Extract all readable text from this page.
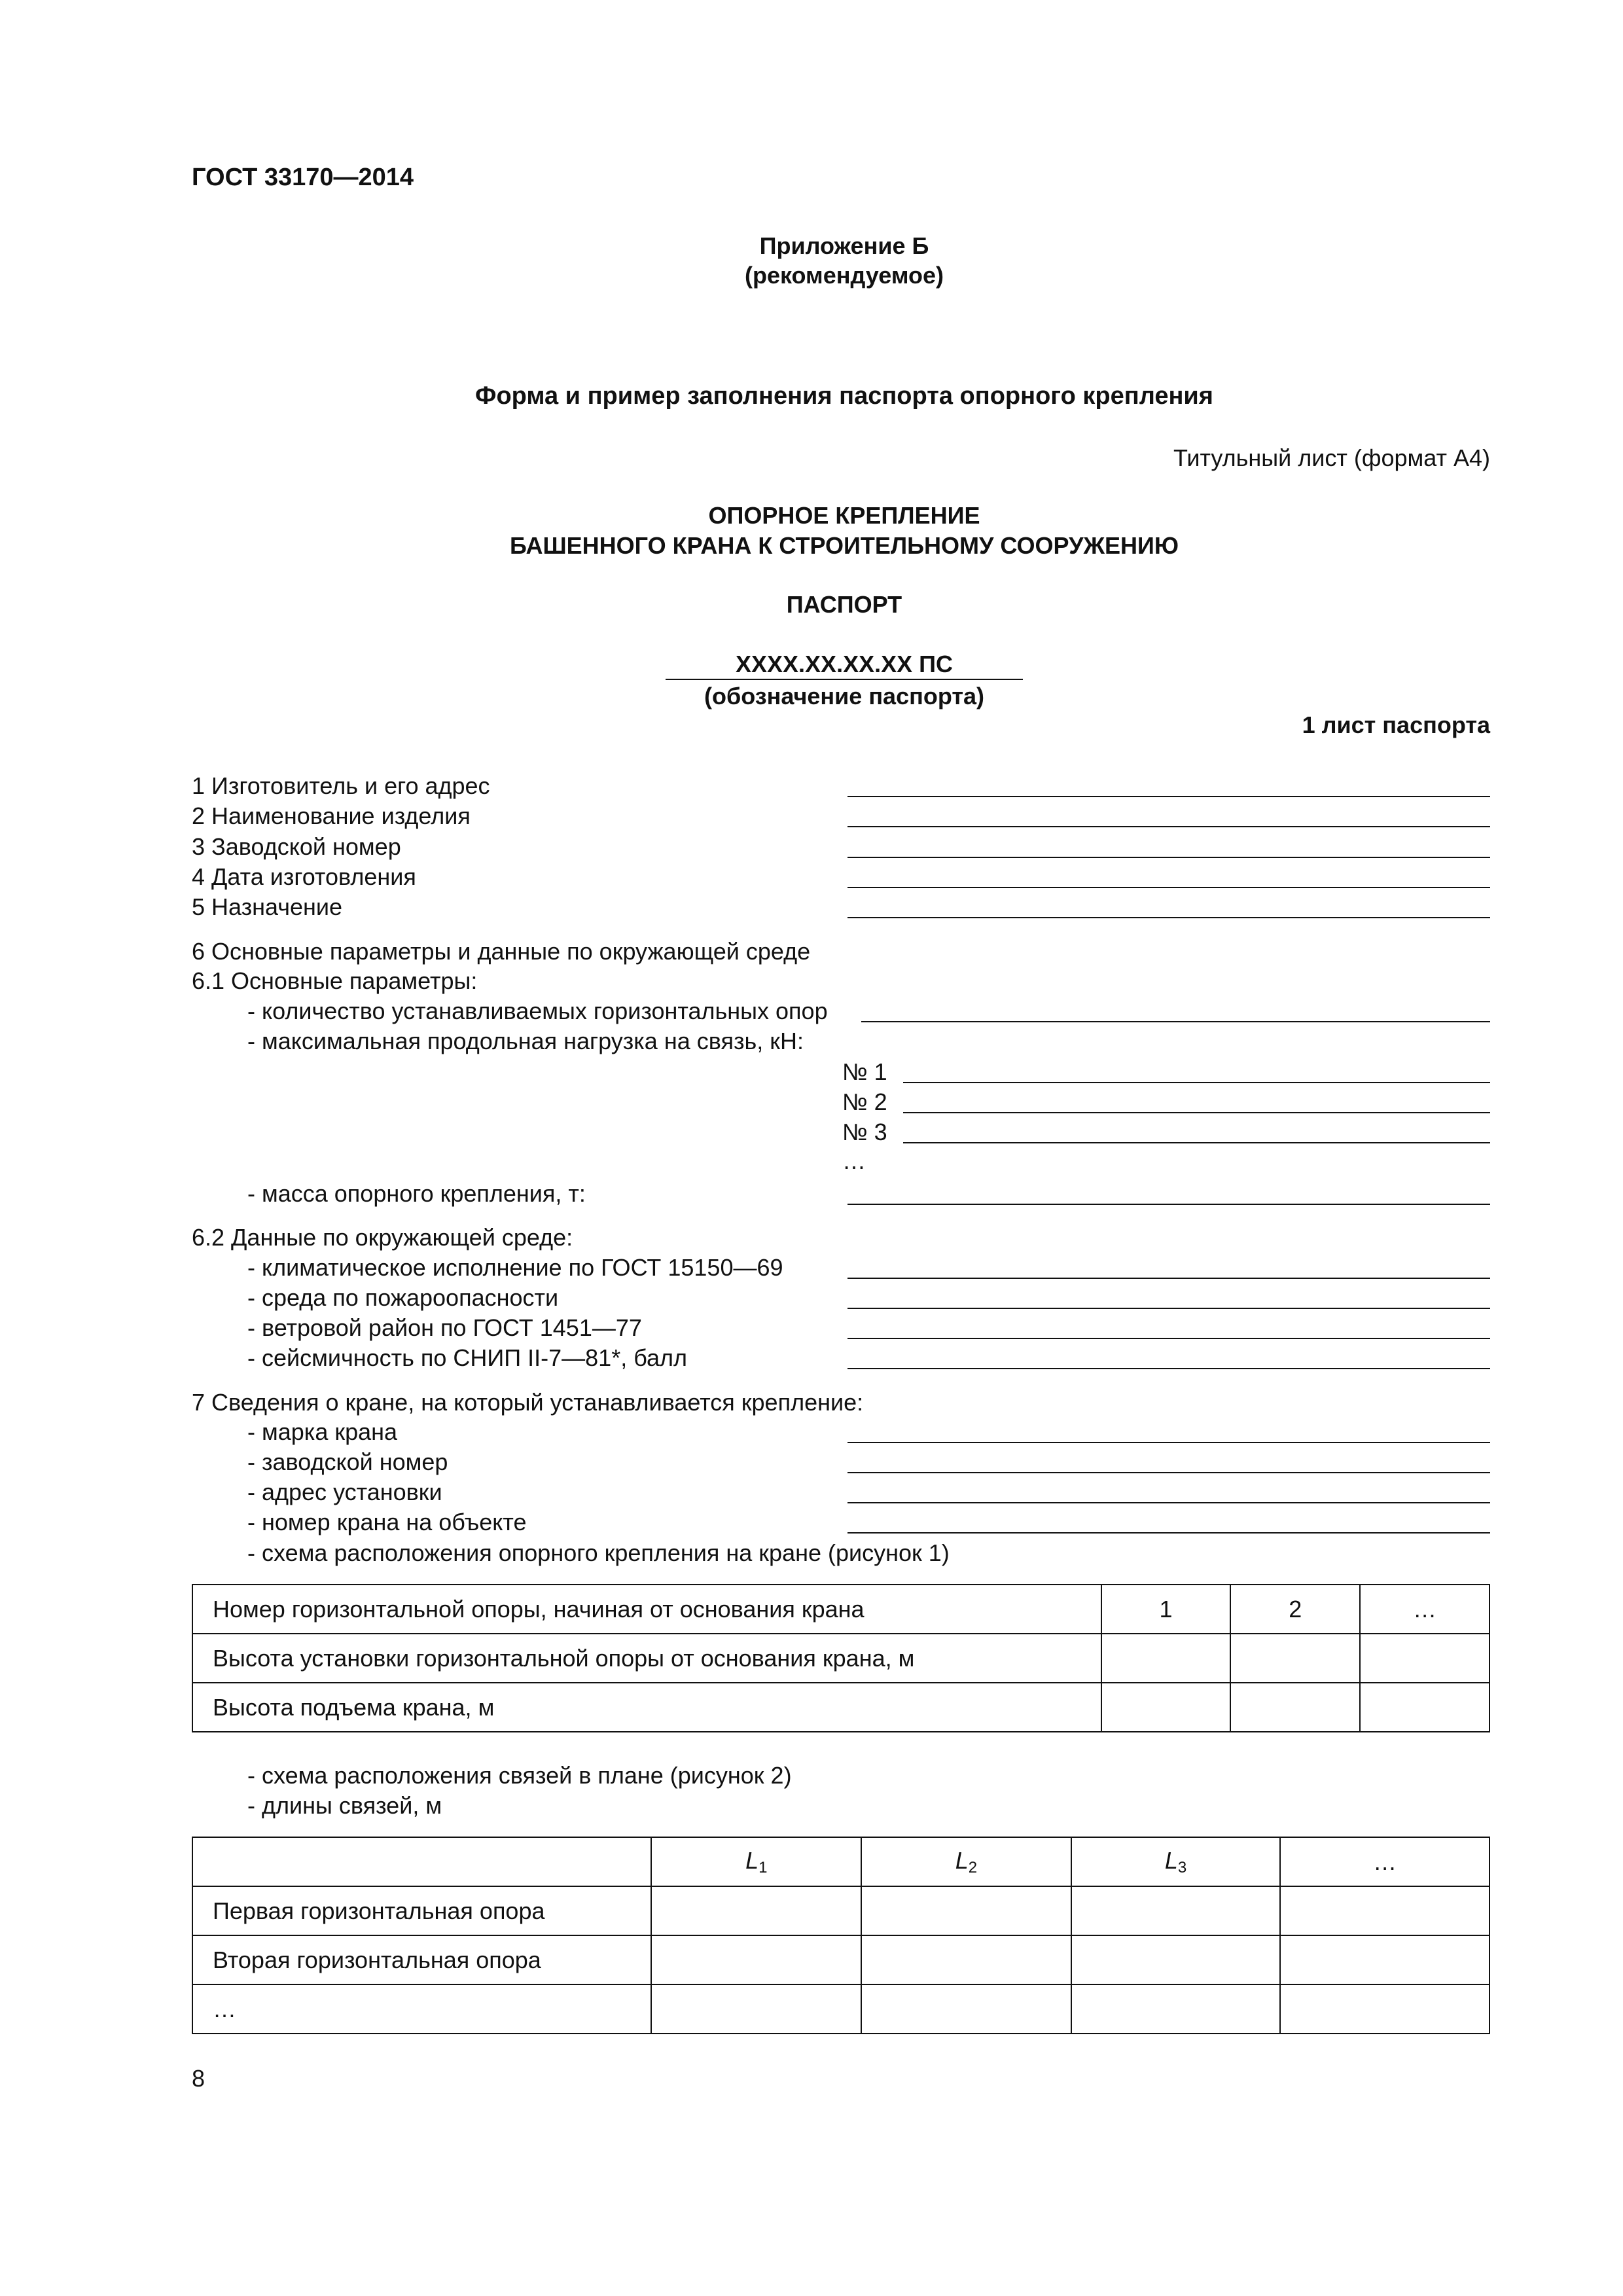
ГОСТ 33170—2014
Приложение Б
(рекомендуемое)
Форма и пример заполнения паспорта опорного крепления
Титульный лист (формат А4)
ОПОРНОЕ КРЕПЛЕНИЕ
БАШЕННОГО КРАНА К СТРОИТЕЛЬНОМУ СООРУЖЕНИЮ
ПАСПОРТ
XXXX.XX.XX.XX ПС
(обозначение паспорта)
1 лист паспорта
1 Изготовитель и его адрес
2 Наименование изделия
3 Заводской номер
4 Дата изготовления
5 Назначение
6 Основные параметры и данные по окружающей среде
6.1 Основные параметры:
- количество устанавливаемых горизонтальных опор
- максимальная продольная нагрузка на связь, кН:
№ 1
№ 2
№ 3
…
- масса опорного крепления, т:
6.2 Данные по окружающей среде:
- климатическое исполнение по ГОСТ 15150—69
- среда по пожароопасности
- ветровой район по ГОСТ 1451—77
- сейсмичность по СНИП II-7—81*, балл
7 Сведения о кране, на который устанавливается крепление:
- марка крана
- заводской номер
- адрес установки
- номер крана на объекте
- схема расположения опорного крепления на кране (рисунок 1)
Номер горизонтальной опоры, начиная от основания крана	1	2	…
Высота установки горизонтальной опоры от основания крана, м			
Высота подъема крана, м			
- схема расположения связей в плане (рисунок 2)
- длины связей, м
	$L_1$	$L_2$	$L_3$	…
Первая горизонтальная опора				
Вторая горизонтальная опора				
…				
8
